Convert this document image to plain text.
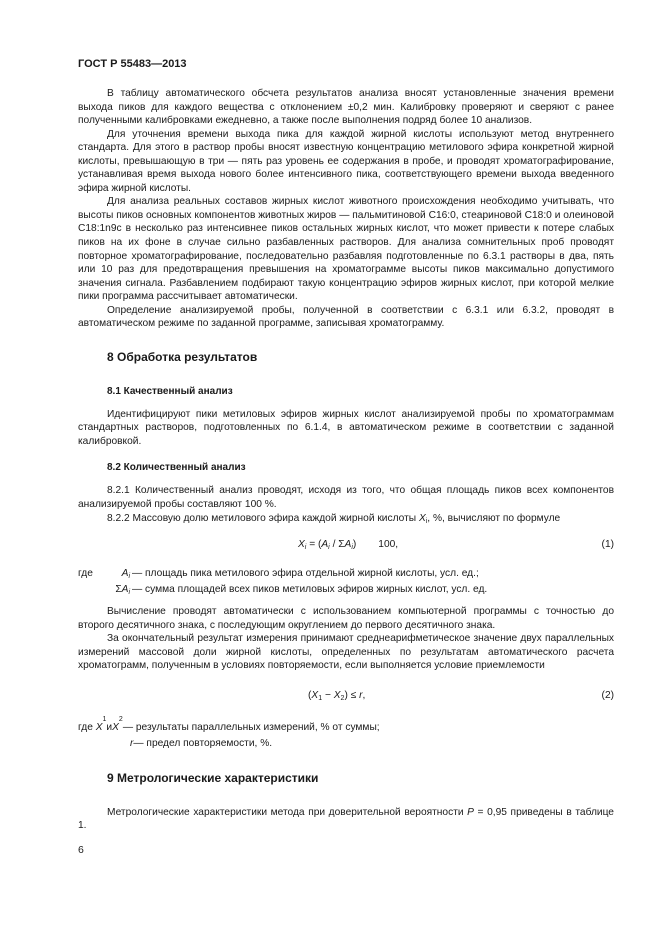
ГОСТ Р 55483—2013

В таблицу автоматического обсчета результатов анализа вносят установленные значения времени выхода пиков для каждого вещества с отклонением ±0,2 мин. Калибровку проверяют и сверяют с ранее полученными калибровками ежедневно, а также после выполнения подряд более 10 анализов.

Для уточнения времени выхода пика для каждой жирной кислоты используют метод внутреннего стандарта. Для этого в раствор пробы вносят известную концентрацию метилового эфира конкретной жирной кислоты, превышающую в три — пять раз уровень ее содержания в пробе, и проводят хроматографирование, устанавливая время выхода нового более интенсивного пика, соответствующего времени выхода введенного эфира жирной кислоты.

Для анализа реальных составов жирных кислот животного происхождения необходимо учитывать, что высоты пиков основных компонентов животных жиров — пальмитиновой С16:0, стеариновой С18:0 и олеиновой С18:1n9с в несколько раз интенсивнее пиков остальных жирных кислот, что может привести к потере слабых пиков на их фоне в случае сильно разбавленных растворов. Для анализа сомнительных проб проводят повторное хроматографирование, последовательно разбавляя подготовленные по 6.3.1 растворы в два, пять или 10 раз для предотвращения превышения на хроматограмме высоты пиков максимально допустимого значения сигнала. Разбавлением подбирают такую концентрацию эфиров жирных кислот, при которой мелкие пики программа рассчитывает автоматически.

Определение анализируемой пробы, полученной в соответствии с 6.3.1 или 6.3.2, проводят в автоматическом режиме по заданной программе, записывая хроматограмму.

8 Обработка результатов
8.1 Качественный анализ

Идентифицируют пики метиловых эфиров жирных кислот анализируемой пробы по хроматограммам стандартных растворов, подготовленных по 6.1.4, в автоматическом режиме в соответствии с заданной калибровкой.

8.2 Количественный анализ

8.2.1 Количественный анализ проводят, исходя из того, что общая площадь пиков всех компонентов анализируемой пробы составляют 100 %.

8.2.2 Массовую долю метилового эфира каждой жирной кислоты $X_i$, %, вычисляют по формуле

$X_i = (A_i / \Sigma A_i)$ 100,	(1)
где	$A_i$ — площадь пика метилового эфира отдельной жирной кислоты, усл. ед.;
$\Sigma A_i$ — сумма площадей всех пиков метиловых эфиров жирных кислот, усл. ед.

Вычисление проводят автоматически с использованием компьютерной программы с точностью до второго десятичного знака, с последующим округлением до первого десятичного знака.

За окончательный результат измерения принимают среднеарифметическое значение двух параллельных измерений массовой доли жирной кислоты, определенных по результатам автоматического расчета хроматограмм, полученным в условиях повторяемости, если выполняется условие приемлемости

$(X_1 - X_2) \le r$,	(2)
где
X
1
и X
2
— результаты параллельных измерений, % от суммы;
r — предел повторяемости, %.
9 Метрологические характеристики

Метрологические характеристики метода при доверительной вероятности P = 0,95 приведены в таблице 1.

6
